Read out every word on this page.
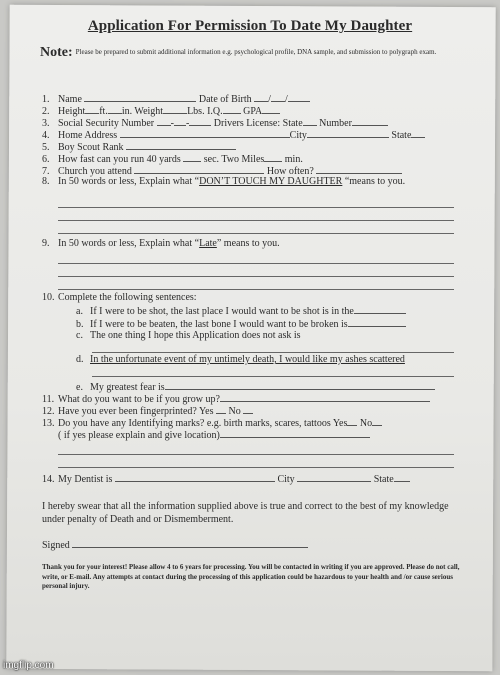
Application For Permission To Date My Daughter
Note: Please be prepared to submit additional information e.g. psychological profile, DNA sample, and submission to polygraph exam.
1. Name	Date of Birth / /
2. Height ft. in. Weight Lbs. I.Q. GPA
3. Social Security Number - - Drivers License: State Number
4. Home Address	City	State
5. Boy Scout Rank
6. How fast can you run 40 yards sec. Two Miles min.
7. Church you attend	How often?
8. In 50 words or less, Explain what “DON’T TOUCH MY DAUGHTER “means to you.
9. In 50 words or less, Explain what “Late” means to you.
10. Complete the following sentences:
a. If I were to be shot, the last place I would want to be shot is in the
b. If I were to be beaten, the last bone I would want to be broken is
c. The one thing I hope this Application does not ask is
d. In the unfortunate event of my untimely death, I would like my ashes scattered
e. My greatest fear is
11. What do you want to be if you grow up?
12. Have you ever been fingerprinted? Yes No
13. Do you have any Identifying marks? e.g. birth marks, scares, tattoos Yes No
( if yes please explain and give location)
14. My Dentist is	City	State
I hereby swear that all the information supplied above is true and correct to the best of my knowledge under penalty of Death and or Dismemberment.
Signed
Thank you for your interest! Please allow 4 to 6 years for processing. You will be contacted in writing if you are approved. Please do not call, write, or E-mail. Any attempts at contact during the processing of this application could be hazardous to your health and /or cause serious personal injury.
imgflip.com
